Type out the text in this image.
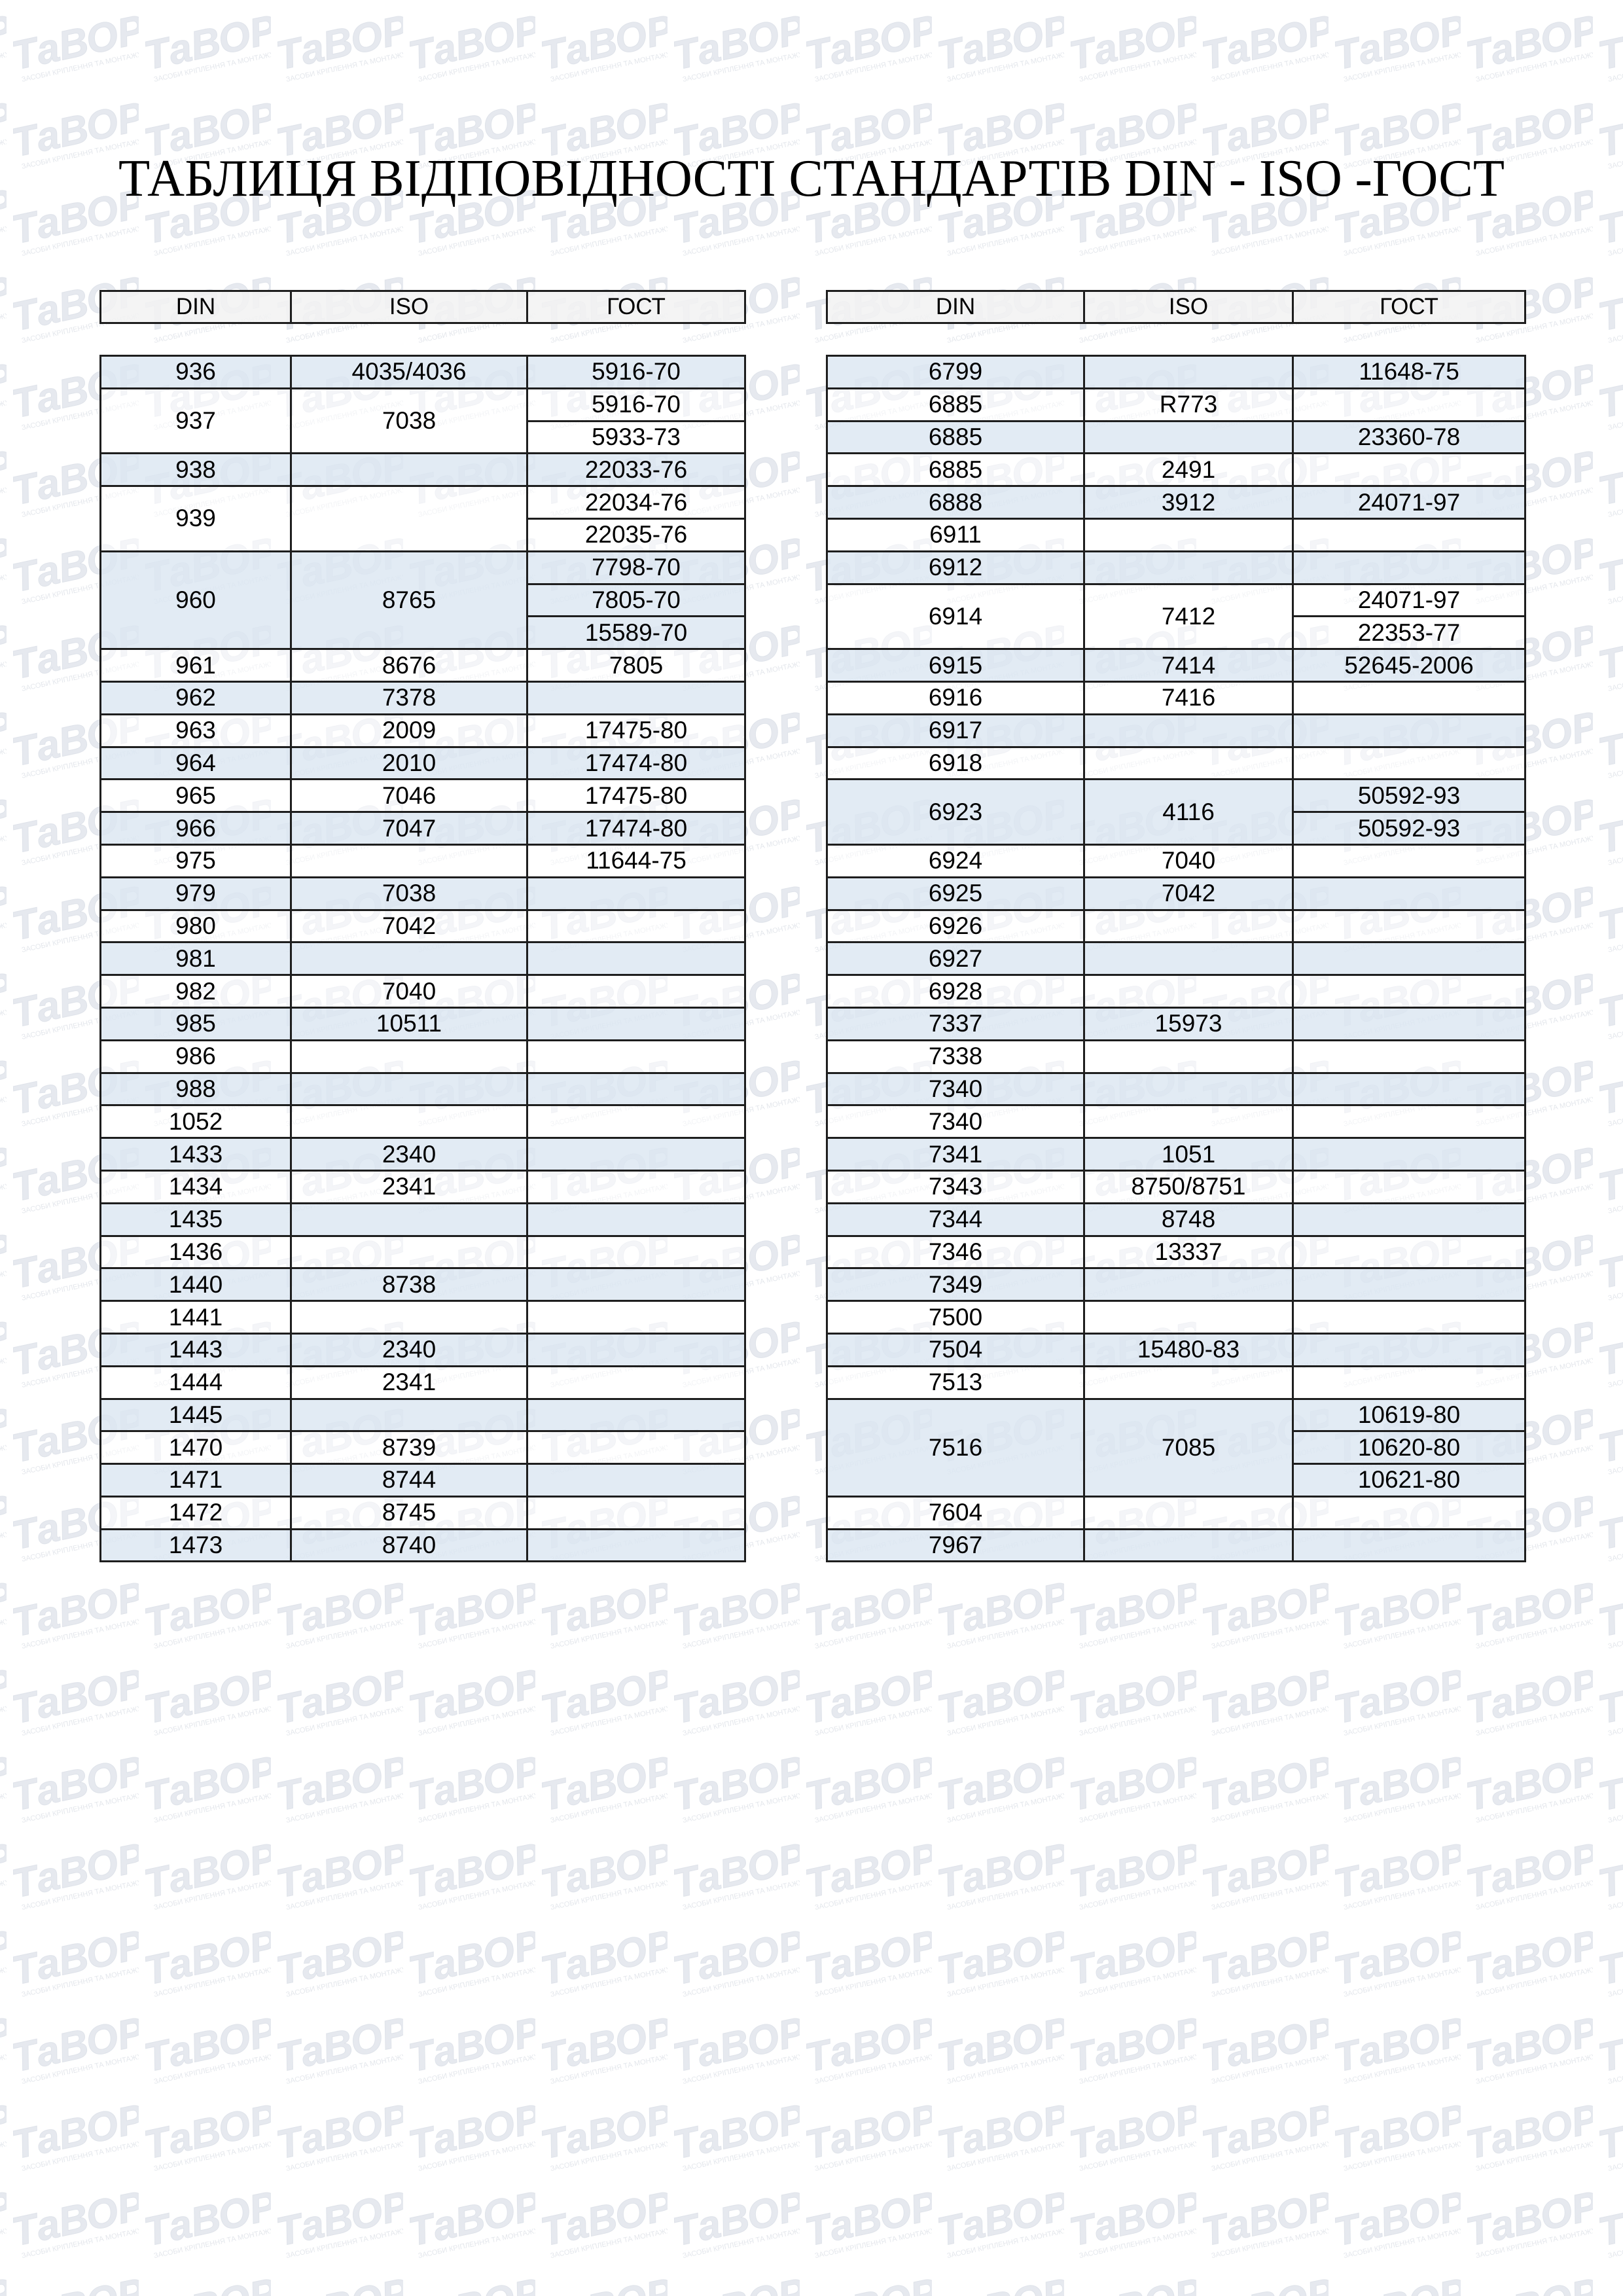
ТАБЛИЦЯ ВІДПОВІДНОСТІ СТАНДАРТІВ DIN - ISO -ГОСТ
DIN	ISO	ГОСТ
936	4035/4036	5916-70
937	7038	5916-70
		5933-73
938		22033-76
939		22034-76
		22035-76
960	8765	7798-70
		7805-70
		15589-70
961	8676	7805
962	7378	
963	2009	17475-80
964	2010	17474-80
965	7046	17475-80
966	7047	17474-80
975		11644-75
979	7038	
980	7042	
981		
982	7040	
985	10511	
986		
988		
1052		
1433	2340	
1434	2341	
1435		
1436		
1440	8738	
1441		
1443	2340	
1444	2341	
1445		
1470	8739	
1471	8744	
1472	8745	
1473	8740	
DIN	ISO	ГОСТ
6799		11648-75
6885	R773	
6885		23360-78
6885	2491	
6888	3912	24071-97
6911		
6912		
6914	7412	24071-97
		22353-77
6915	7414	52645-2006
6916	7416	
6917		
6918		
6923	4116	50592-93
		50592-93
6924	7040	
6925	7042	
6926		
6927		
6928		
7337	15973	
7338		
7340		
7340		
7341	1051	
7343	8750/8751	
7344	8748	
7346	13337	
7349		
7500		
7504	15480-83	
7513		
7516	7085	10619-80
		10620-80
		10621-80
7604		
7967		
